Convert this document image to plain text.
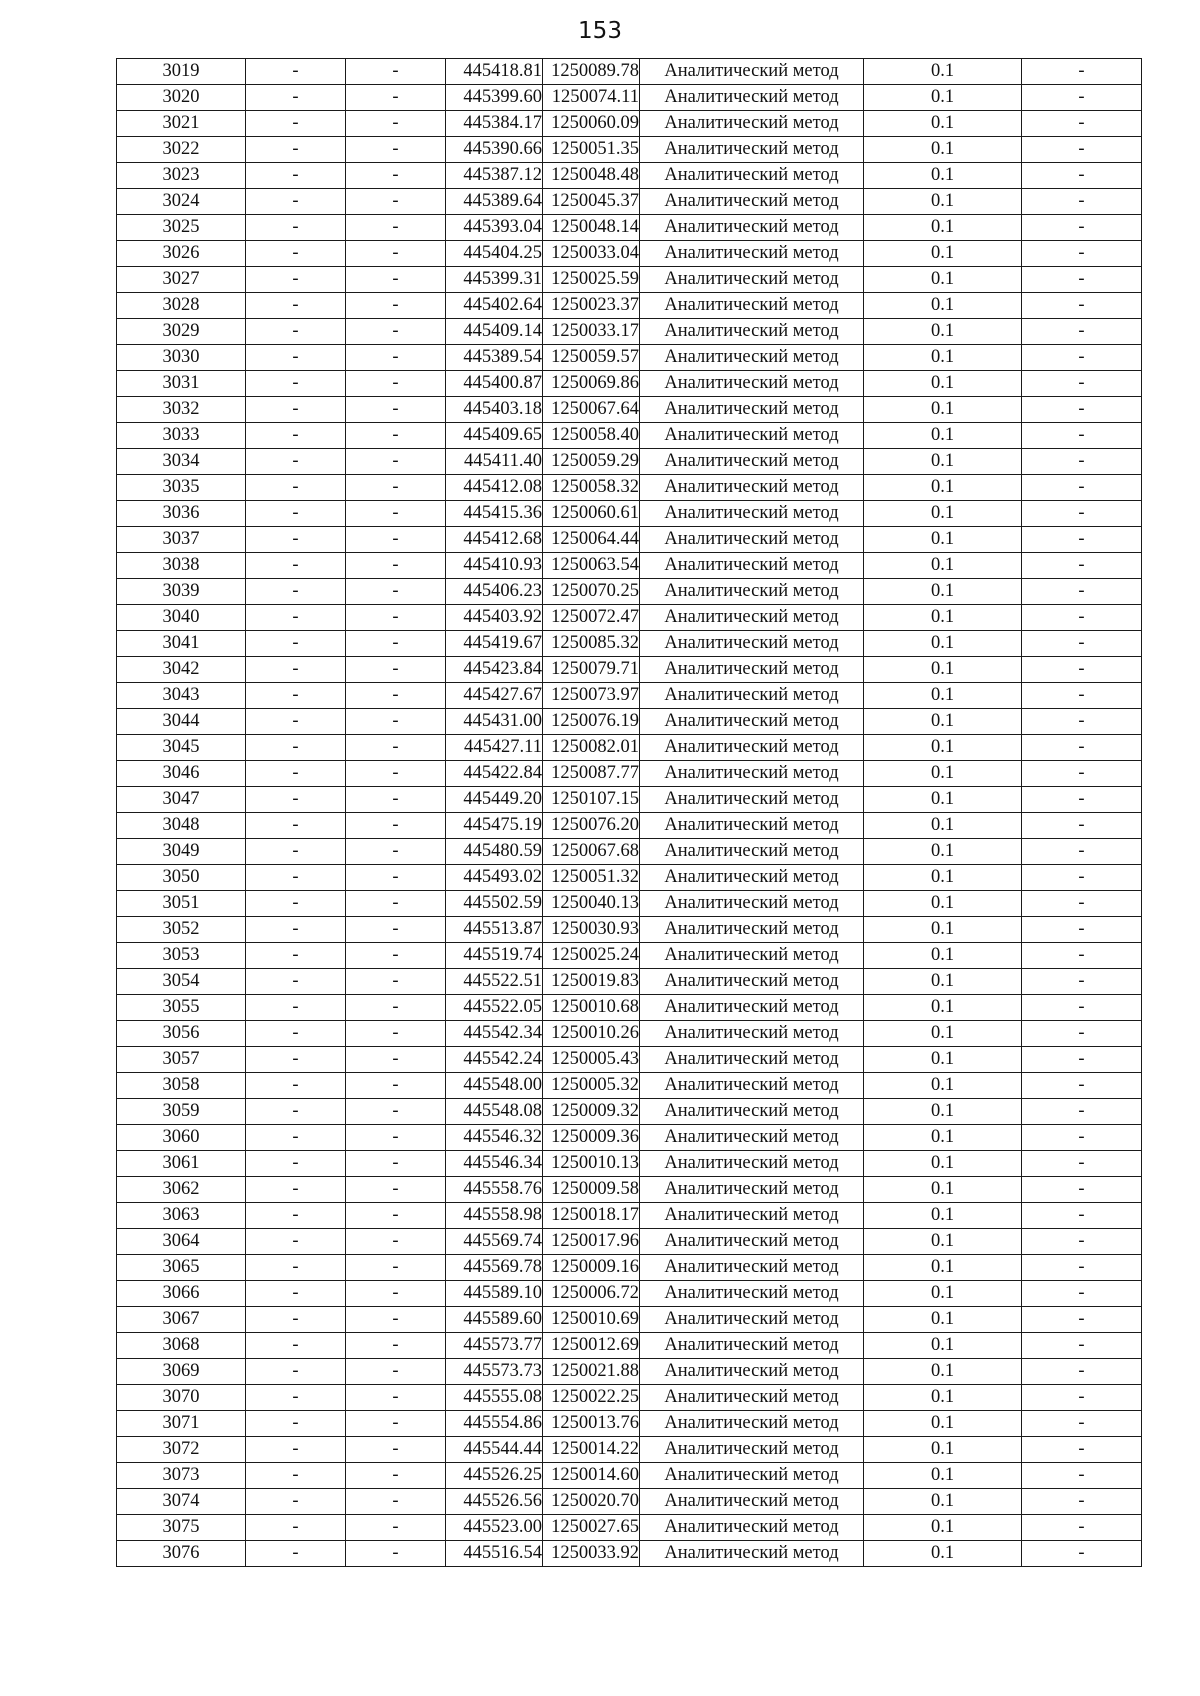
153
3019	-	-	445418.81	1250089.78	Аналитический метод	0.1	-
3020	-	-	445399.60	1250074.11	Аналитический метод	0.1	-
3021	-	-	445384.17	1250060.09	Аналитический метод	0.1	-
3022	-	-	445390.66	1250051.35	Аналитический метод	0.1	-
3023	-	-	445387.12	1250048.48	Аналитический метод	0.1	-
3024	-	-	445389.64	1250045.37	Аналитический метод	0.1	-
3025	-	-	445393.04	1250048.14	Аналитический метод	0.1	-
3026	-	-	445404.25	1250033.04	Аналитический метод	0.1	-
3027	-	-	445399.31	1250025.59	Аналитический метод	0.1	-
3028	-	-	445402.64	1250023.37	Аналитический метод	0.1	-
3029	-	-	445409.14	1250033.17	Аналитический метод	0.1	-
3030	-	-	445389.54	1250059.57	Аналитический метод	0.1	-
3031	-	-	445400.87	1250069.86	Аналитический метод	0.1	-
3032	-	-	445403.18	1250067.64	Аналитический метод	0.1	-
3033	-	-	445409.65	1250058.40	Аналитический метод	0.1	-
3034	-	-	445411.40	1250059.29	Аналитический метод	0.1	-
3035	-	-	445412.08	1250058.32	Аналитический метод	0.1	-
3036	-	-	445415.36	1250060.61	Аналитический метод	0.1	-
3037	-	-	445412.68	1250064.44	Аналитический метод	0.1	-
3038	-	-	445410.93	1250063.54	Аналитический метод	0.1	-
3039	-	-	445406.23	1250070.25	Аналитический метод	0.1	-
3040	-	-	445403.92	1250072.47	Аналитический метод	0.1	-
3041	-	-	445419.67	1250085.32	Аналитический метод	0.1	-
3042	-	-	445423.84	1250079.71	Аналитический метод	0.1	-
3043	-	-	445427.67	1250073.97	Аналитический метод	0.1	-
3044	-	-	445431.00	1250076.19	Аналитический метод	0.1	-
3045	-	-	445427.11	1250082.01	Аналитический метод	0.1	-
3046	-	-	445422.84	1250087.77	Аналитический метод	0.1	-
3047	-	-	445449.20	1250107.15	Аналитический метод	0.1	-
3048	-	-	445475.19	1250076.20	Аналитический метод	0.1	-
3049	-	-	445480.59	1250067.68	Аналитический метод	0.1	-
3050	-	-	445493.02	1250051.32	Аналитический метод	0.1	-
3051	-	-	445502.59	1250040.13	Аналитический метод	0.1	-
3052	-	-	445513.87	1250030.93	Аналитический метод	0.1	-
3053	-	-	445519.74	1250025.24	Аналитический метод	0.1	-
3054	-	-	445522.51	1250019.83	Аналитический метод	0.1	-
3055	-	-	445522.05	1250010.68	Аналитический метод	0.1	-
3056	-	-	445542.34	1250010.26	Аналитический метод	0.1	-
3057	-	-	445542.24	1250005.43	Аналитический метод	0.1	-
3058	-	-	445548.00	1250005.32	Аналитический метод	0.1	-
3059	-	-	445548.08	1250009.32	Аналитический метод	0.1	-
3060	-	-	445546.32	1250009.36	Аналитический метод	0.1	-
3061	-	-	445546.34	1250010.13	Аналитический метод	0.1	-
3062	-	-	445558.76	1250009.58	Аналитический метод	0.1	-
3063	-	-	445558.98	1250018.17	Аналитический метод	0.1	-
3064	-	-	445569.74	1250017.96	Аналитический метод	0.1	-
3065	-	-	445569.78	1250009.16	Аналитический метод	0.1	-
3066	-	-	445589.10	1250006.72	Аналитический метод	0.1	-
3067	-	-	445589.60	1250010.69	Аналитический метод	0.1	-
3068	-	-	445573.77	1250012.69	Аналитический метод	0.1	-
3069	-	-	445573.73	1250021.88	Аналитический метод	0.1	-
3070	-	-	445555.08	1250022.25	Аналитический метод	0.1	-
3071	-	-	445554.86	1250013.76	Аналитический метод	0.1	-
3072	-	-	445544.44	1250014.22	Аналитический метод	0.1	-
3073	-	-	445526.25	1250014.60	Аналитический метод	0.1	-
3074	-	-	445526.56	1250020.70	Аналитический метод	0.1	-
3075	-	-	445523.00	1250027.65	Аналитический метод	0.1	-
3076	-	-	445516.54	1250033.92	Аналитический метод	0.1	-
